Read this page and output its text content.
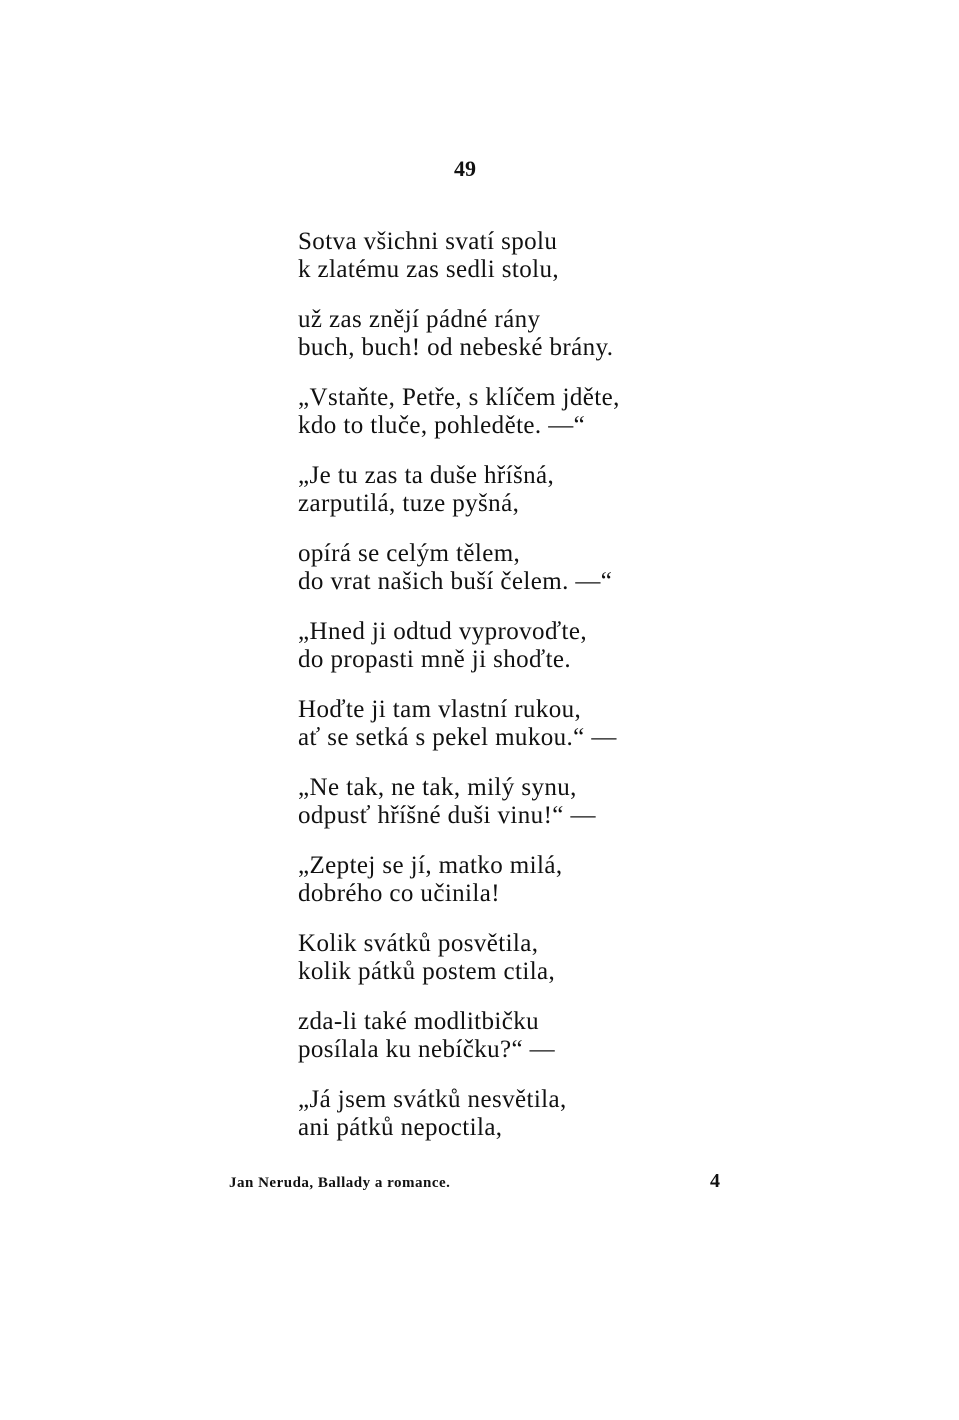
49
Sotva všichni svatí spolu
k zlatému zas sedli stolu,
už zas znějí pádné rány
buch, buch! od nebeské brány.
„Vstaňte, Petře, s klíčem jděte,
kdo to tluče, pohleděte. —“
„Je tu zas ta duše hříšná,
zarputilá, tuze pyšná,
opírá se celým tělem,
do vrat našich buší čelem. —“
„Hned ji odtud vyprovoďte,
do propasti mně ji shoďte.
Hoďte ji tam vlastní rukou,
ať se setká s pekel mukou.“ —
„Ne tak, ne tak, milý synu,
odpusť hříšné duši vinu!“ —
„Zeptej se jí, matko milá,
dobrého co učinila!
Kolik svátků posvětila,
kolik pátků postem ctila,
zda-li také modlitbičku
posílala ku nebíčku?“ —
„Já jsem svátků nesvětila,
ani pátků nepoctila,
Jan Neruda, Ballady a romance.	4
